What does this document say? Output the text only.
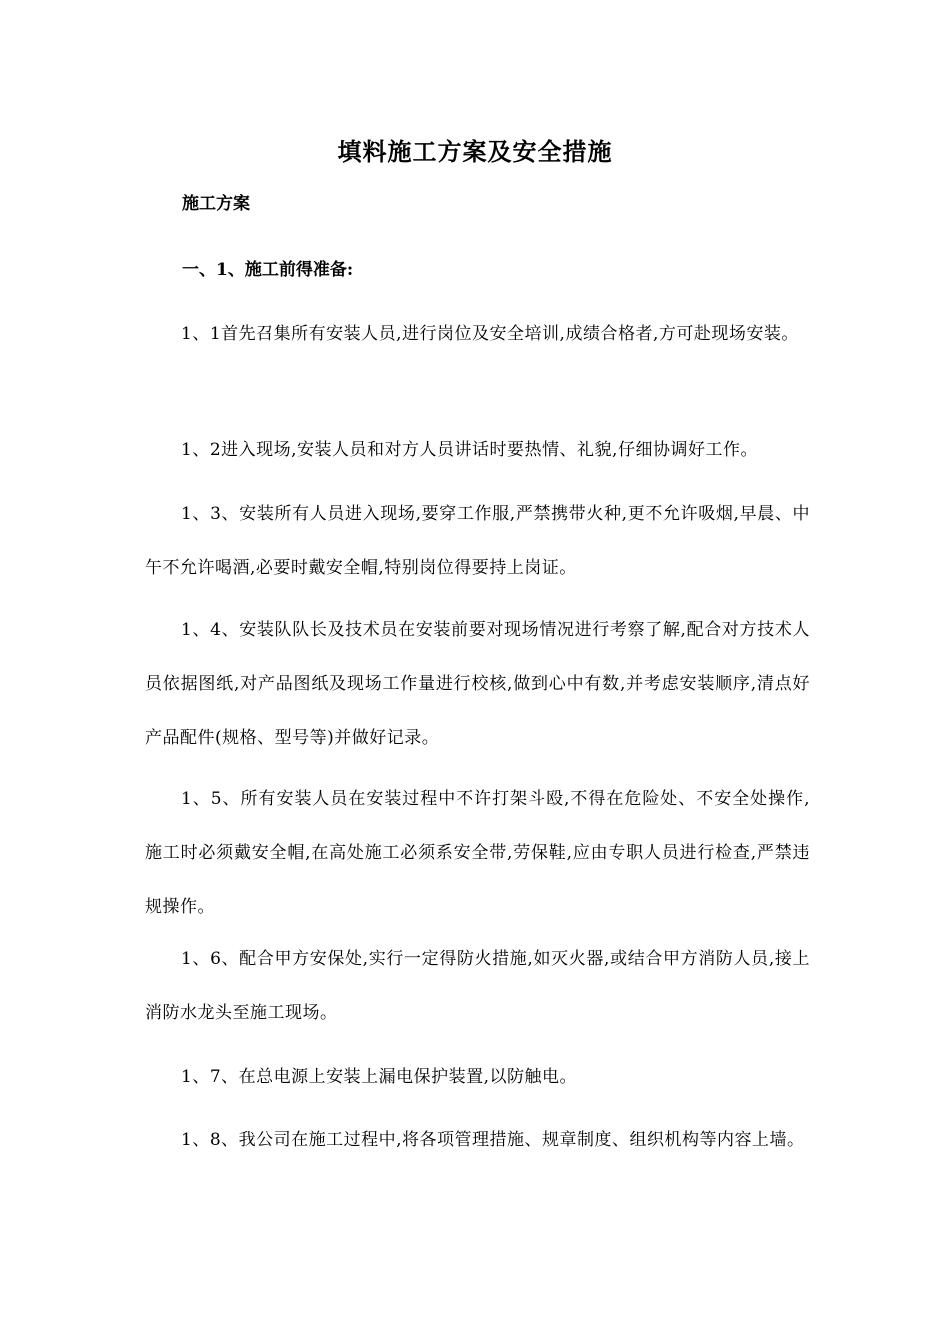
填料施工方案及安全措施
施工方案
一、1、施工前得准备:
1、1首先召集所有安装人员,进行岗位及安全培训,成绩合格者,方可赴现场安装。
1、2进入现场,安装人员和对方人员讲话时要热情、礼貌,仔细协调好工作。
1、3、安装所有人员进入现场,要穿工作服,严禁携带火种,更不允许吸烟,早晨、中午不允许喝酒,必要时戴安全帽,特别岗位得要持上岗证。
1、4、安装队队长及技术员在安装前要对现场情况进行考察了解,配合对方技术人员依据图纸,对产品图纸及现场工作量进行校核,做到心中有数,并考虑安装顺序,清点好产品配件(规格、型号等)并做好记录。
1、5、所有安装人员在安装过程中不许打架斗殴,不得在危险处、不安全处操作,施工时必须戴安全帽,在高处施工必须系安全带,劳保鞋,应由专职人员进行检查,严禁违规操作。
1、6、配合甲方安保处,实行一定得防火措施,如灭火器,或结合甲方消防人员,接上消防水龙头至施工现场。
1、7、在总电源上安装上漏电保护装置,以防触电。
1、8、我公司在施工过程中,将各项管理措施、规章制度、组织机构等内容上墙。
